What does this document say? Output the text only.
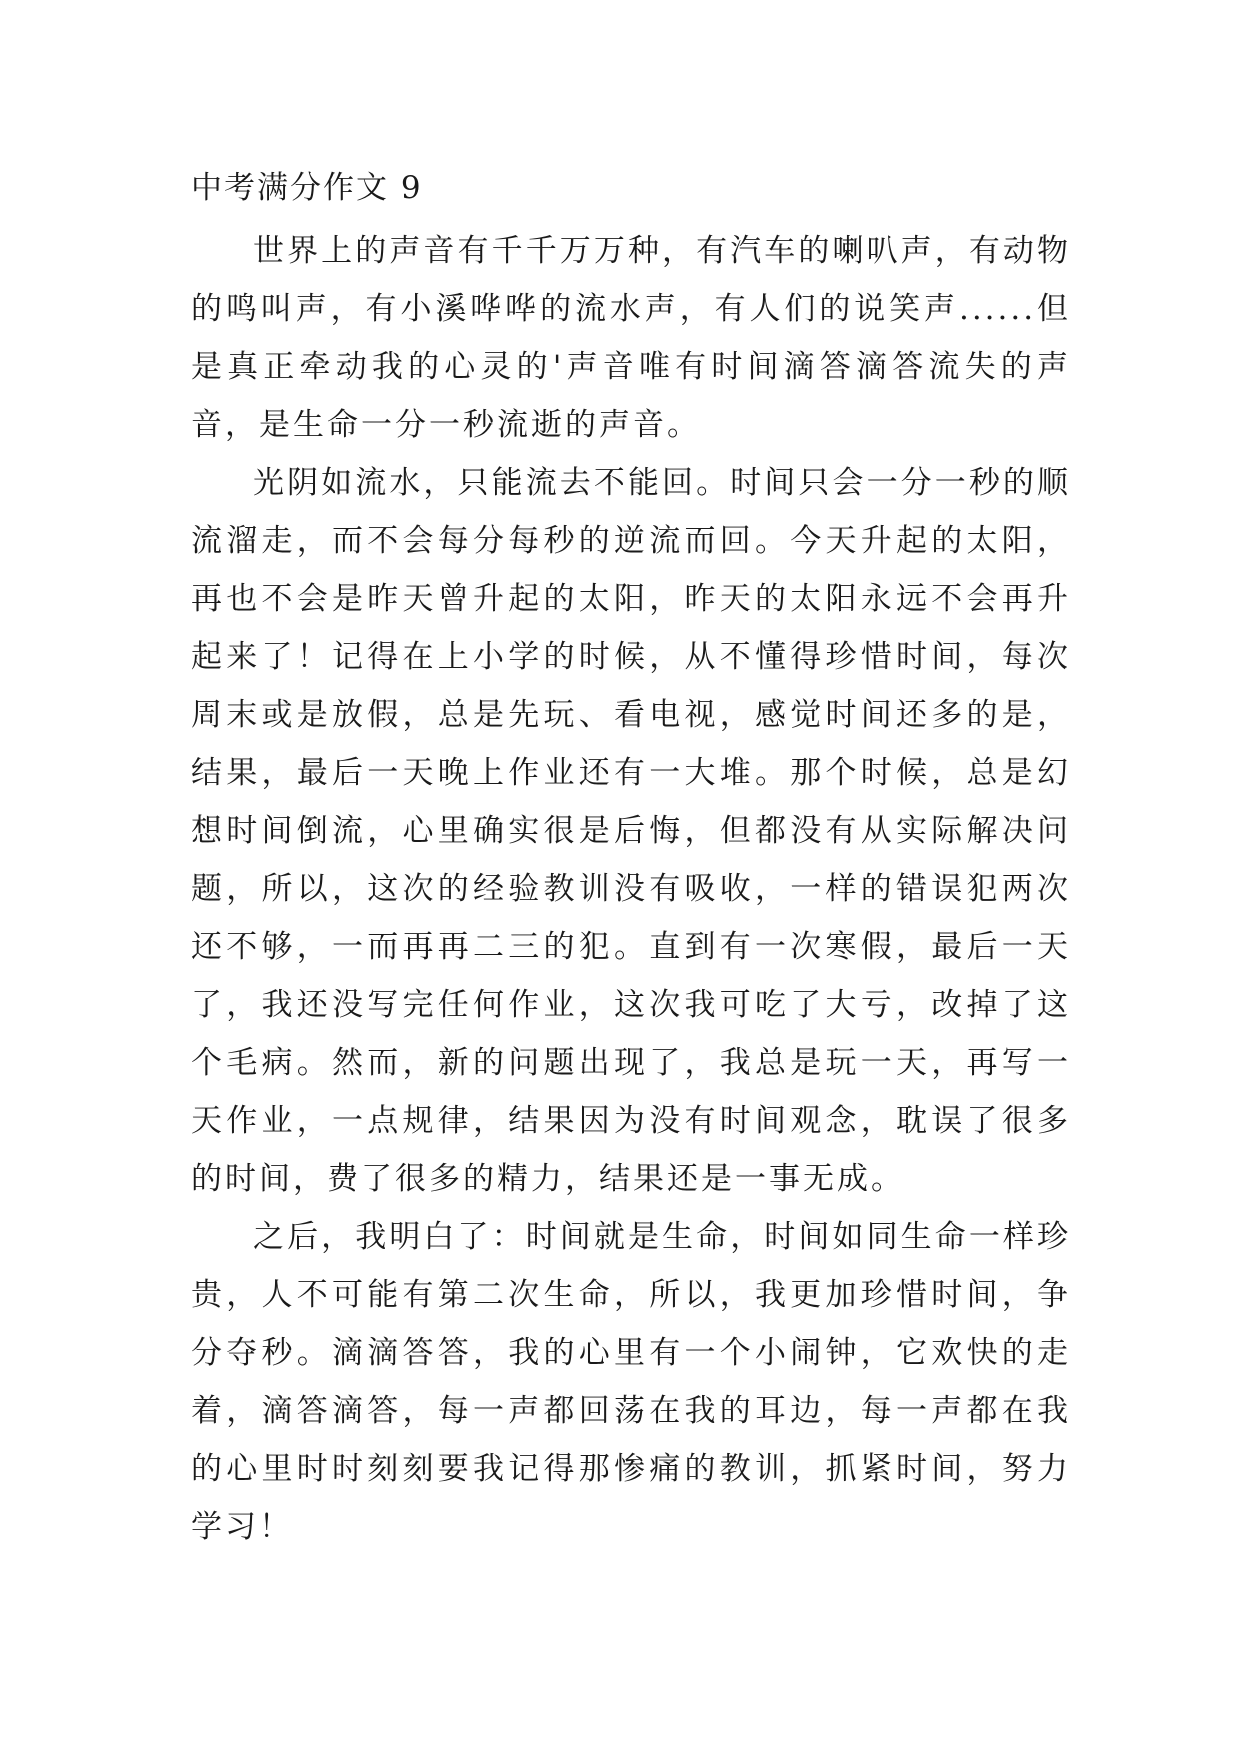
中考满分作文 9

世界上的声音有千千万万种，有汽车的喇叭声，有动物的鸣叫声，有小溪哗哗的流水声，有人们的说笑声......但是真正牵动我的心灵的'声音唯有时间滴答滴答流失的声音，是生命一分一秒流逝的声音。

光阴如流水，只能流去不能回。时间只会一分一秒的顺流溜走，而不会每分每秒的逆流而回。今天升起的太阳，再也不会是昨天曾升起的太阳，昨天的太阳永远不会再升起来了！记得在上小学的时候，从不懂得珍惜时间，每次周末或是放假，总是先玩、看电视，感觉时间还多的是，结果，最后一天晚上作业还有一大堆。那个时候，总是幻想时间倒流，心里确实很是后悔，但都没有从实际解决问题，所以，这次的经验教训没有吸收，一样的错误犯两次还不够，一而再再二三的犯。直到有一次寒假，最后一天了，我还没写完任何作业，这次我可吃了大亏，改掉了这个毛病。然而，新的问题出现了，我总是玩一天，再写一天作业，一点规律，结果因为没有时间观念，耽误了很多的时间，费了很多的精力，结果还是一事无成。

之后，我明白了：时间就是生命，时间如同生命一样珍贵，人不可能有第二次生命，所以，我更加珍惜时间，争分夺秒。滴滴答答，我的心里有一个小闹钟，它欢快的走着，滴答滴答，每一声都回荡在我的耳边，每一声都在我的心里时时刻刻要我记得那惨痛的教训，抓紧时间，努力学习！
